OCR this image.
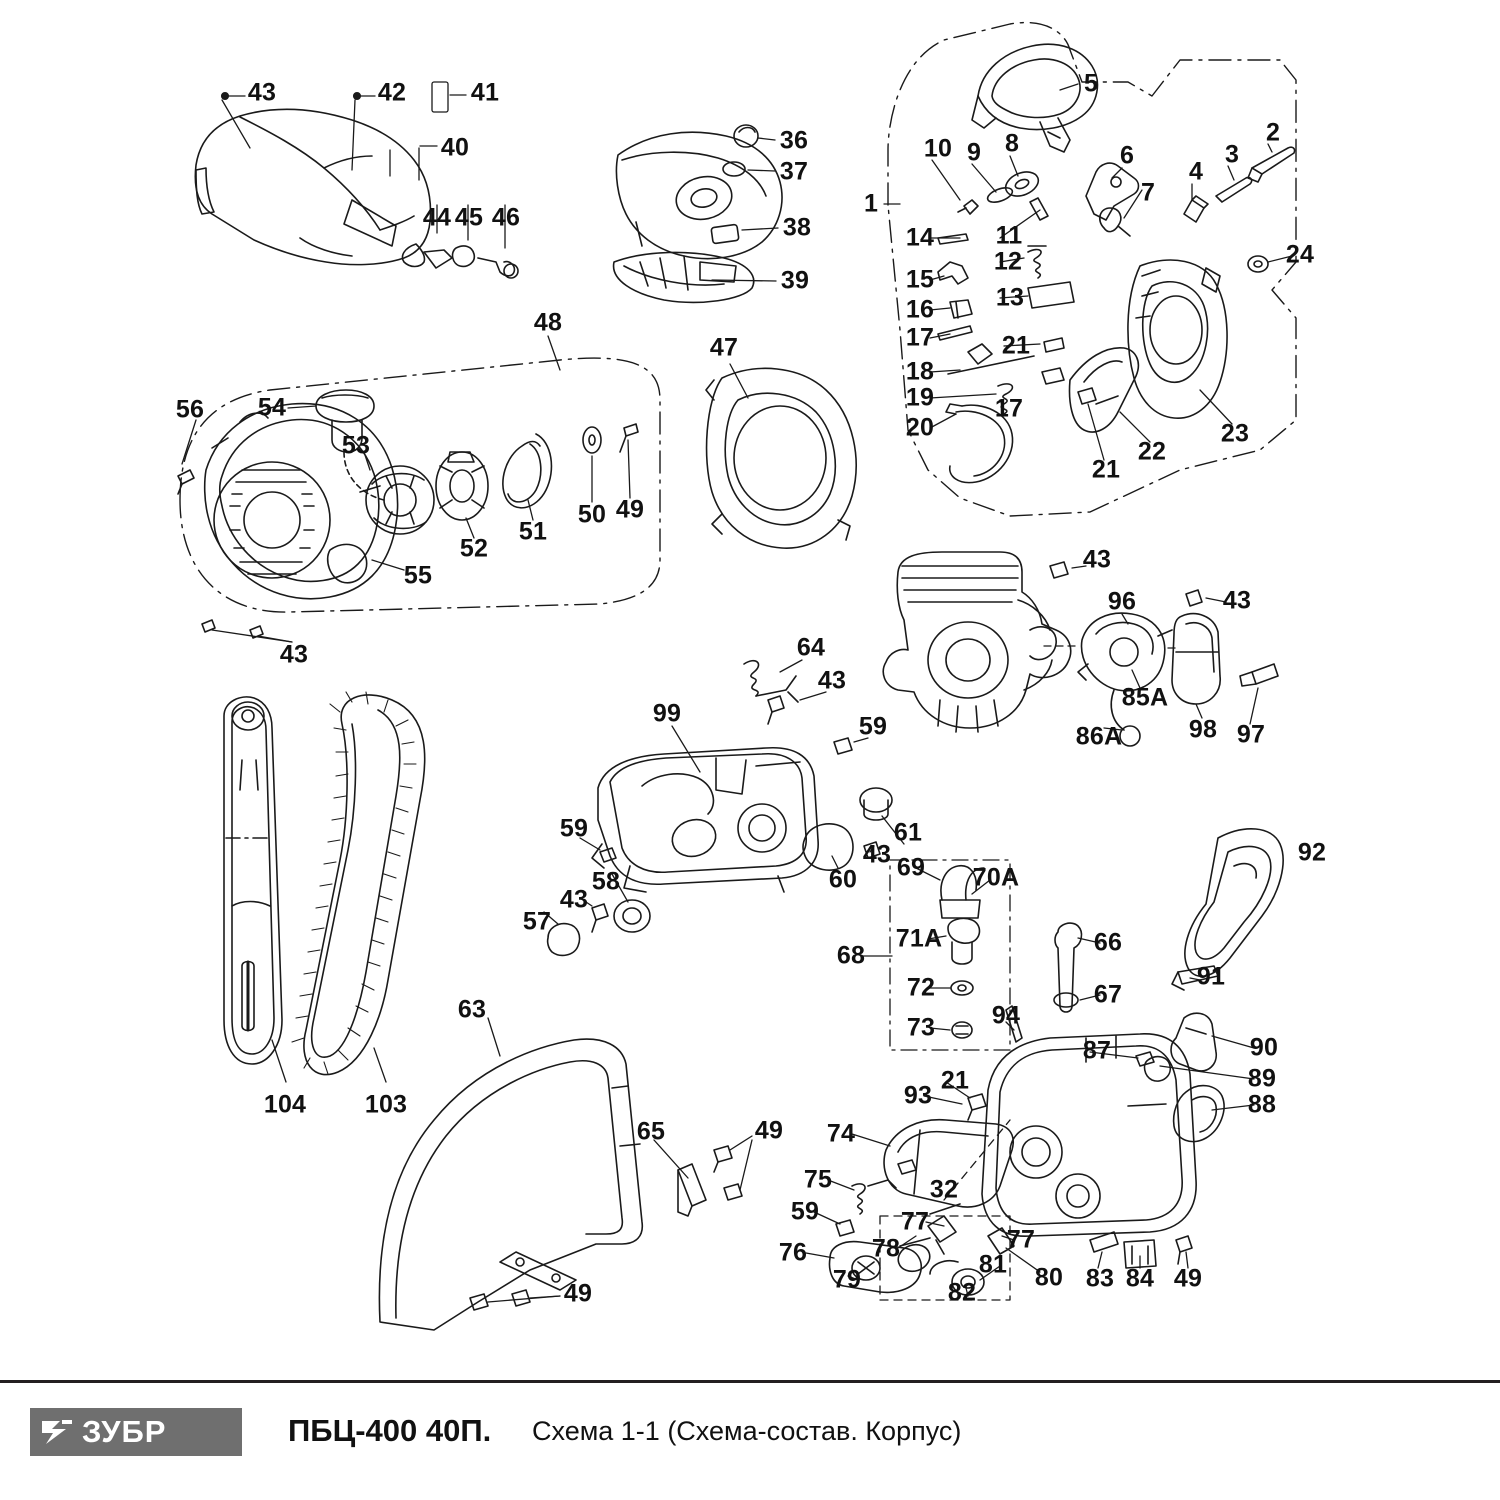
43	42	41
40
44 45 46
36
37
38
39
5
2
3
4
6
7
8
9
10
1
14 11
12
15
13
16
17	21
18
19 17
20
21
22
23
24
48
47
56 54
53
52
51
50 49
55
43
43
43
96
85A
86A	98 97
64
43
99	59
59
58
43
57
60
43
61
92
69 70A
71A	66
68
72	67
91
73 94
87	90
89
21
88
93
63
104 103
65	49 74
75	32
59	77
76	78	77
83 84 49
79
81 80
82
49
ЗУБР	ПБЦ-400 40П. Схема 1-1 (Схема-состав. Корпус)
